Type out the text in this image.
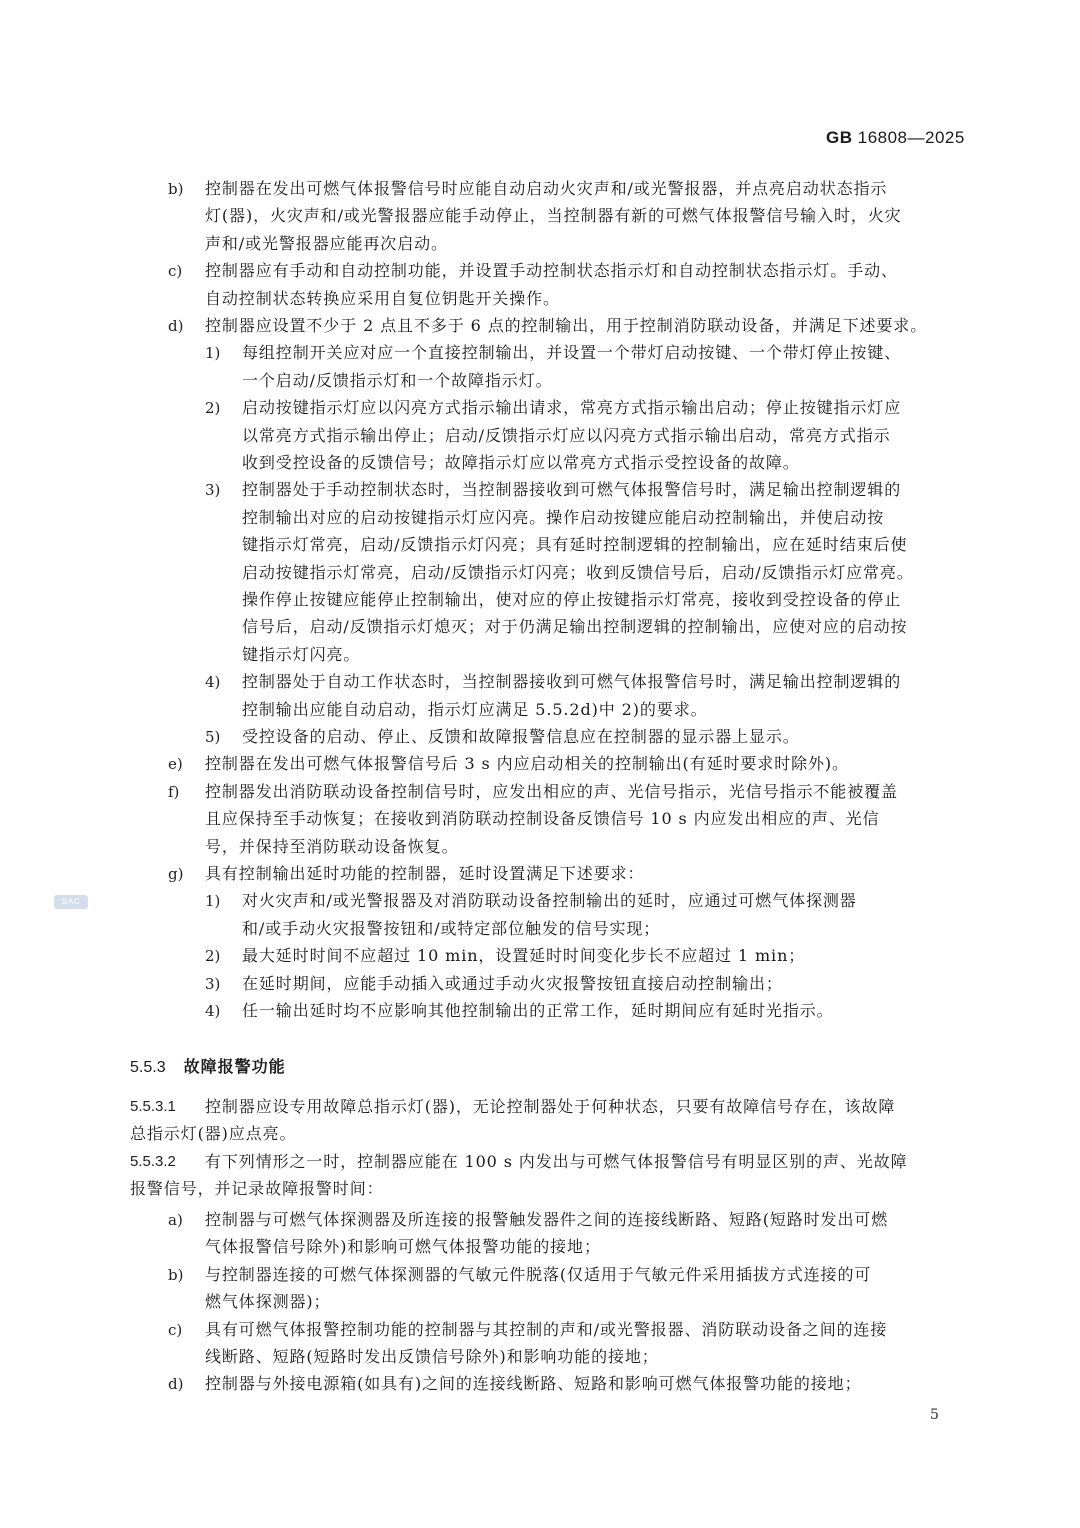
GB 16808—2025
b) 控制器在发出可燃气体报警信号时应能自动启动火灾声和/或光警报器，并点亮启动状态指示
灯(器)，火灾声和/或光警报器应能手动停止，当控制器有新的可燃气体报警信号输入时，火灾
声和/或光警报器应能再次启动。
c) 控制器应有手动和自动控制功能，并设置手动控制状态指示灯和自动控制状态指示灯。手动、
自动控制状态转换应采用自复位钥匙开关操作。
d) 控制器应设置不少于 2 点且不多于 6 点的控制输出，用于控制消防联动设备，并满足下述要求。
1) 每组控制开关应对应一个直接控制输出，并设置一个带灯启动按键、一个带灯停止按键、
一个启动/反馈指示灯和一个故障指示灯。
2) 启动按键指示灯应以闪亮方式指示输出请求，常亮方式指示输出启动；停止按键指示灯应
以常亮方式指示输出停止；启动/反馈指示灯应以闪亮方式指示输出启动，常亮方式指示
收到受控设备的反馈信号；故障指示灯应以常亮方式指示受控设备的故障。
3) 控制器处于手动控制状态时，当控制器接收到可燃气体报警信号时，满足输出控制逻辑的
控制输出对应的启动按键指示灯应闪亮。操作启动按键应能启动控制输出，并使启动按
键指示灯常亮，启动/反馈指示灯闪亮；具有延时控制逻辑的控制输出，应在延时结束后使
启动按键指示灯常亮，启动/反馈指示灯闪亮；收到反馈信号后，启动/反馈指示灯应常亮。
操作停止按键应能停止控制输出，使对应的停止按键指示灯常亮，接收到受控设备的停止
信号后，启动/反馈指示灯熄灭；对于仍满足输出控制逻辑的控制输出，应使对应的启动按
键指示灯闪亮。
4) 控制器处于自动工作状态时，当控制器接收到可燃气体报警信号时，满足输出控制逻辑的
控制输出应能自动启动，指示灯应满足 5.5.2d)中 2)的要求。
5) 受控设备的启动、停止、反馈和故障报警信息应在控制器的显示器上显示。
e) 控制器在发出可燃气体报警信号后 3 s 内应启动相关的控制输出(有延时要求时除外)。
f) 控制器发出消防联动设备控制信号时，应发出相应的声、光信号指示，光信号指示不能被覆盖
且应保持至手动恢复；在接收到消防联动控制设备反馈信号 10 s 内应发出相应的声、光信
号，并保持至消防联动设备恢复。
g) 具有控制输出延时功能的控制器，延时设置满足下述要求：
1) 对火灾声和/或光警报器及对消防联动设备控制输出的延时，应通过可燃气体探测器
和/或手动火灾报警按钮和/或特定部位触发的信号实现；
2) 最大延时时间不应超过 10 min，设置延时时间变化步长不应超过 1 min；
3) 在延时期间，应能手动插入或通过手动火灾报警按钮直接启动控制输出；
4) 任一输出延时均不应影响其他控制输出的正常工作，延时期间应有延时光指示。
5.5.3.1 控制器应设专用故障总指示灯(器)，无论控制器处于何种状态，只要有故障信号存在，该故障
总指示灯(器)应点亮。
5.5.3.2 有下列情形之一时，控制器应能在 100 s 内发出与可燃气体报警信号有明显区别的声、光故障
报警信号，并记录故障报警时间：
a) 控制器与可燃气体探测器及所连接的报警触发器件之间的连接线断路、短路(短路时发出可燃
气体报警信号除外)和影响可燃气体报警功能的接地；
b) 与控制器连接的可燃气体探测器的气敏元件脱落(仅适用于气敏元件采用插拔方式连接的可
燃气体探测器)；
c) 具有可燃气体报警控制功能的控制器与其控制的声和/或光警报器、消防联动设备之间的连接
线断路、短路(短路时发出反馈信号除外)和影响功能的接地；
d) 控制器与外接电源箱(如具有)之间的连接线断路、短路和影响可燃气体报警功能的接地；
5.5.3 故障报警功能
SAC
5
